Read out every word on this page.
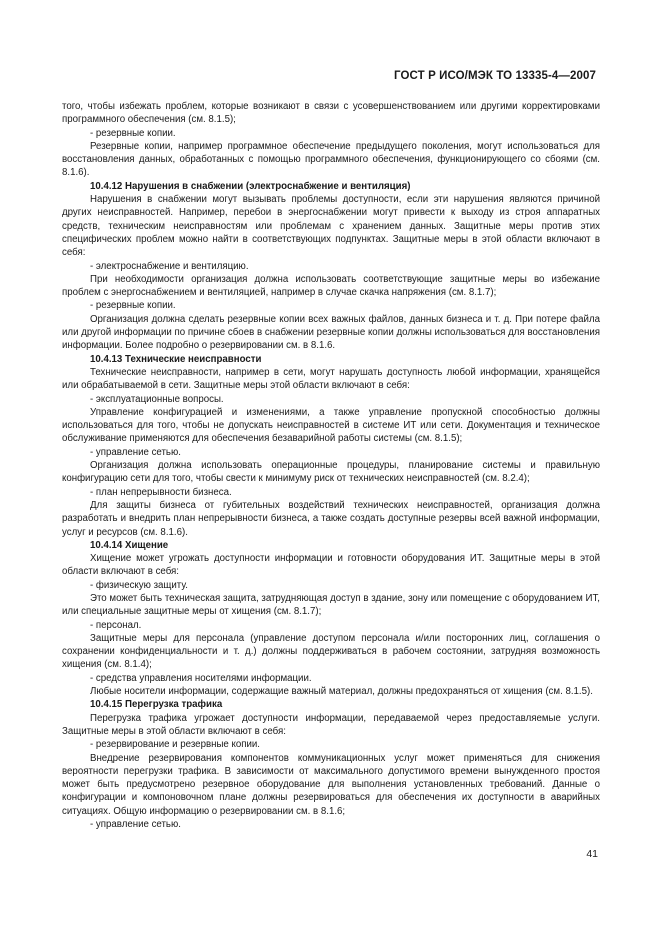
ГОСТ Р ИСО/МЭК ТО 13335-4—2007

того, чтобы избежать проблем, которые возникают в связи с усовершенствованием или другими корректировками программного обеспечения (см. 8.1.5);

- резервные копии.

Резервные копии, например программное обеспечение предыдущего поколения, могут использоваться для восстановления данных, обработанных с помощью программного обеспечения, функционирующего со сбоями (см. 8.1.6).

10.4.12 Нарушения в снабжении (электроснабжение и вентиляция)

Нарушения в снабжении могут вызывать проблемы доступности, если эти нарушения являются причиной других неисправностей. Например, перебои в энергоснабжении могут привести к выходу из строя аппаратных средств, техническим неисправностям или проблемам с хранением данных. Защитные меры против этих специфических проблем можно найти в соответствующих подпунктах. Защитные меры в этой области включают в себя:

- электроснабжение и вентиляцию.

При необходимости организация должна использовать соответствующие защитные меры во избежание проблем с энергоснабжением и вентиляцией, например в случае скачка напряжения (см. 8.1.7);

- резервные копии.

Организация должна сделать резервные копии всех важных файлов, данных бизнеса и т. д. При потере файла или другой информации по причине сбоев в снабжении резервные копии должны использоваться для восстановления информации. Более подробно о резервировании см. в 8.1.6.

10.4.13 Технические неисправности

Технические неисправности, например в сети, могут нарушать доступность любой информации, хранящейся или обрабатываемой в сети. Защитные меры этой области включают в себя:

- эксплуатационные вопросы.

Управление конфигурацией и изменениями, а также управление пропускной способностью должны использоваться для того, чтобы не допускать неисправностей в системе ИТ или сети. Документация и техническое обслуживание применяются для обеспечения безаварийной работы системы (см. 8.1.5);

- управление сетью.

Организация должна использовать операционные процедуры, планирование системы и правильную конфигурацию сети для того, чтобы свести к минимуму риск от технических неисправностей (см. 8.2.4);

- план непрерывности бизнеса.

Для защиты бизнеса от губительных воздействий технических неисправностей, организация должна разработать и внедрить план непрерывности бизнеса, а также создать доступные резервы всей важной информации, услуг и ресурсов (см. 8.1.6).

10.4.14 Хищение

Хищение может угрожать доступности информации и готовности оборудования ИТ. Защитные меры в этой области включают в себя:

- физическую защиту.

Это может быть техническая защита, затрудняющая доступ в здание, зону или помещение с оборудованием ИТ, или специальные защитные меры от хищения (см. 8.1.7);

- персонал.

Защитные меры для персонала (управление доступом персонала и/или посторонних лиц, соглашения о сохранении конфиденциальности и т. д.) должны поддерживаться в рабочем состоянии, затрудняя возможность хищения (см. 8.1.4);

- средства управления носителями информации.

Любые носители информации, содержащие важный материал, должны предохраняться от хищения (см. 8.1.5).

10.4.15 Перегрузка трафика

Перегрузка трафика угрожает доступности информации, передаваемой через предоставляемые услуги. Защитные меры в этой области включают в себя:

- резервирование и резервные копии.

Внедрение резервирования компонентов коммуникационных услуг может применяться для снижения вероятности перегрузки трафика. В зависимости от максимального допустимого времени вынужденного простоя может быть предусмотрено резервное оборудование для выполнения установленных требований. Данные о конфигурации и компоновочном плане должны резервироваться для обеспечения их доступности в аварийных ситуациях. Общую информацию о резервировании см. в 8.1.6;

- управление сетью.

41
